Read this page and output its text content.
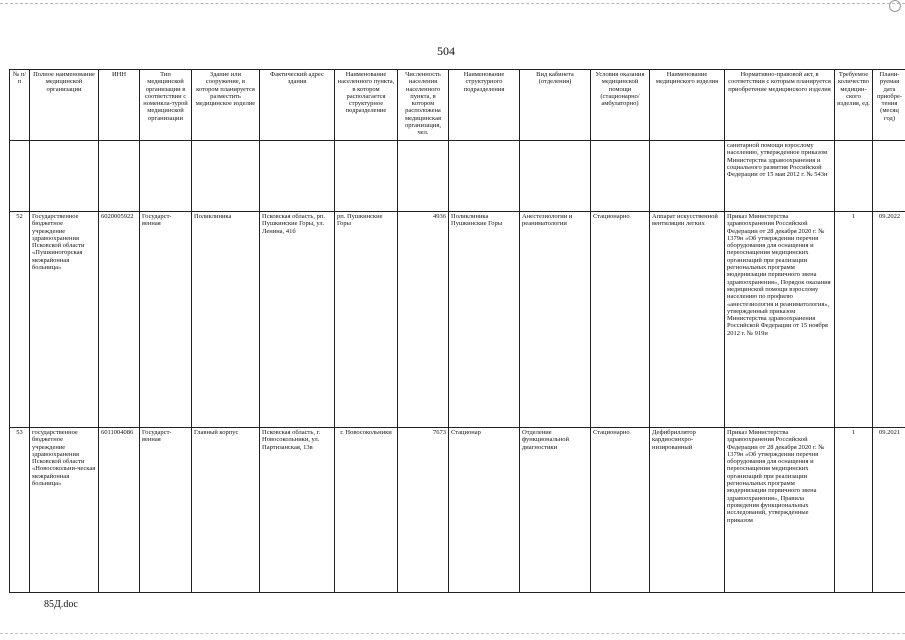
504
№ п/п	Полное наименование медицинской организации	ИНН	Тип медицинской организации в соответствии с номенкла-турой медицинской организации	Здание или сооружение, в котором планируется разместить медицинское изделие	Фактический адрес здания	Наименование населенного пункта, в котором располагается структурное подразделение	Численность населения населенного пункта, в котором расположена медицинская организация, чел.	Наименование структурного подразделения	Вид кабинета (отделения)	Условия оказания медицинской помощи (стационарно/ амбулаторно)	Наименование медицинского изделия	Нормативно-правовой акт, в соответствии с которым планируется приобретение медицинского изделия	Требуемое количество медицин-ского изделия, ед.	Плани-руемая дата приобре-тения (месяц год)
												санитарной помощи взрослому населению, утвержденное приказом Министерства здравоохранения и социального развития Российской Федерации от 15 мая 2012 г. № 543н		
52	Государственное бюджетное учреждение здравоохранения Псковской области «Пушкиногорская межрайонная больница»	6020005922	Государст-венная	Поликлиника	Псковская область, рп. Пушкинские Горы, ул. Ленина, 41б	рп. Пушкинские Горы	4936	Поликлиника Пушкинские Горы	Анестезиологии и реаниматологии	Стационарно	Аппарат искусственной вентиляции легких	Приказ Министерства здравоохранения Российской Федерации от 28 декабря 2020 г. № 1379н «Об утверждении перечня оборудования для оснащения и переоснащения медицинских организаций при реализации региональных программ модернизации первичного звена здравоохранения», Порядок оказания медицинской помощи взрослому населению по профилю «анестезиология и реаниматология», утвержденный приказом Министерства здравоохранения Российской Федерации от 15 ноября 2012 г. № 919н	1	09.2022
53	государственное бюджетное учреждение здравоохранения Псковской области «Новосокольни-ческая межрайонная больница»	6011004086	Государст-венная	Главный корпус	Псковская область, г. Новосокольники, ул. Партизанская, 13в	г. Новосокольники	7673	Стационар	Отделение функциональной диагностики	Стационарно	Дефибриллятор кардиосинхро-низированный	Приказ Министерства здравоохранения Российской Федерации от 28 декабря 2020 г. № 1379н «Об утверждении перечня оборудования для оснащения и переоснащения медицинских организаций при реализации региональных программ модернизации первичного звена здравоохранения», Правила проведения функциональных исследований, утвержденные приказом	1	09.2021
85Д.doc
